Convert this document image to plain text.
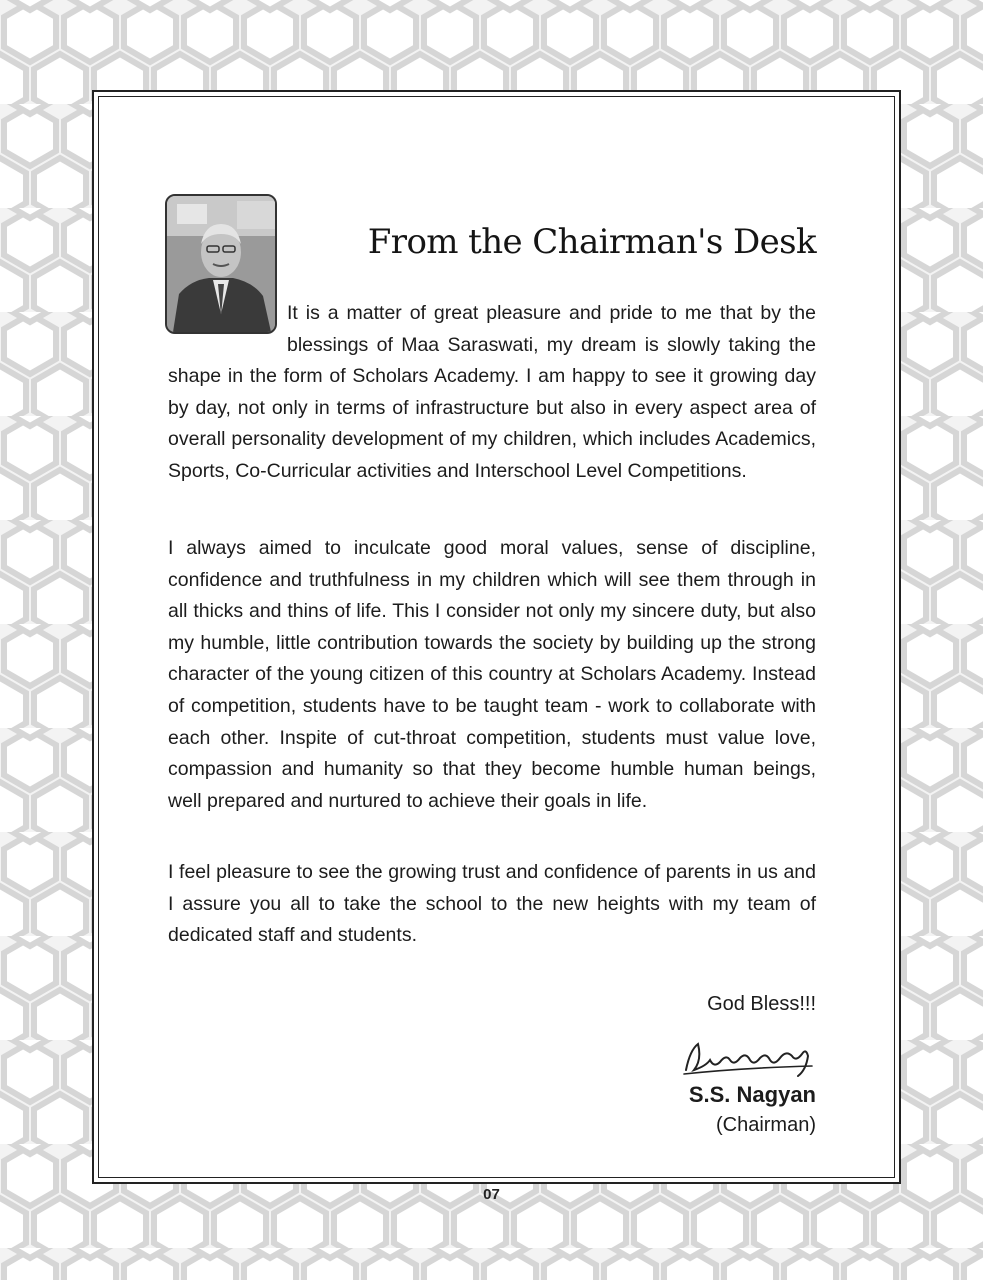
From the Chairman's Desk

It is a matter of great pleasure and pride to me that by the blessings of Maa Saraswati, my dream is slowly taking the shape in the form of Scholars Academy. I am happy to see it growing day by day, not only in terms of infrastructure but also in every aspect area of overall personality development of my children, which includes Academics, Sports, Co-Curricular activities and Interschool Level Competitions.

I always aimed to inculcate good moral values, sense of discipline, confidence and truthfulness in my children which will see them through in all thicks and thins of life. This I consider not only my sincere duty, but also my humble, little contribution towards the society by building up the strong character of the young citizen of this country at Scholars Academy. Instead of competition, students have to be taught team - work to collaborate with each other. Inspite of cut-throat competition, students must value love, compassion and humanity so that they become humble human beings, well prepared and nurtured to achieve their goals in life.

I feel pleasure to see the growing trust and confidence of parents in us and I assure you all to take the school to the new heights with my team of dedicated staff and students.

God Bless!!!
S.S. Nagyan
(Chairman)
07
